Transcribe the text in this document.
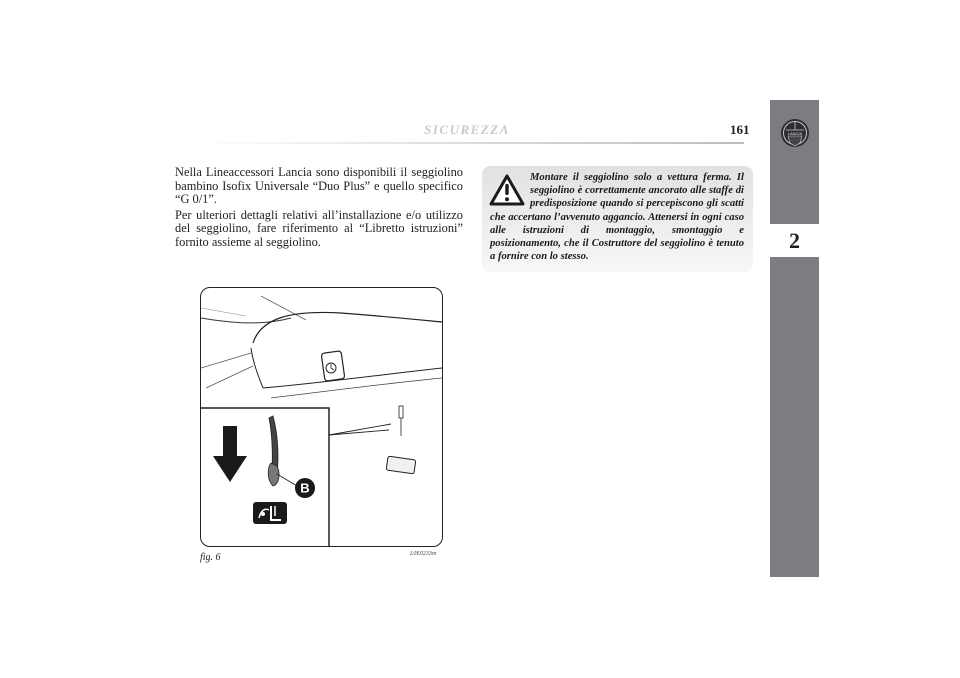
SICUREZZA	161	LANCIA
2

Nella Lineaccessori Lancia sono disponibili il seggiolino bambino Isofix Universale “Duo Plus” e quello specifico “G 0/1”.

Per ulteriori dettagli relativi all’installazione e/o utilizzo del seggiolino, fare riferimento al “Libretto istruzioni” fornito assieme al seggiolino.

Montare il seggiolino solo a vettura ferma. Il seggiolino è correttamente ancorato alle staffe di predisposizione quando si percepiscono gli scatti che accertano l’avvenuto aggancio. Attenersi in ogni caso alle istruzioni di montaggio, smontaggio e posizionamento, che il Costruttore del seggiolino è tenuto a fornire con lo stesso.
B
fig. 6	L0E0233m
